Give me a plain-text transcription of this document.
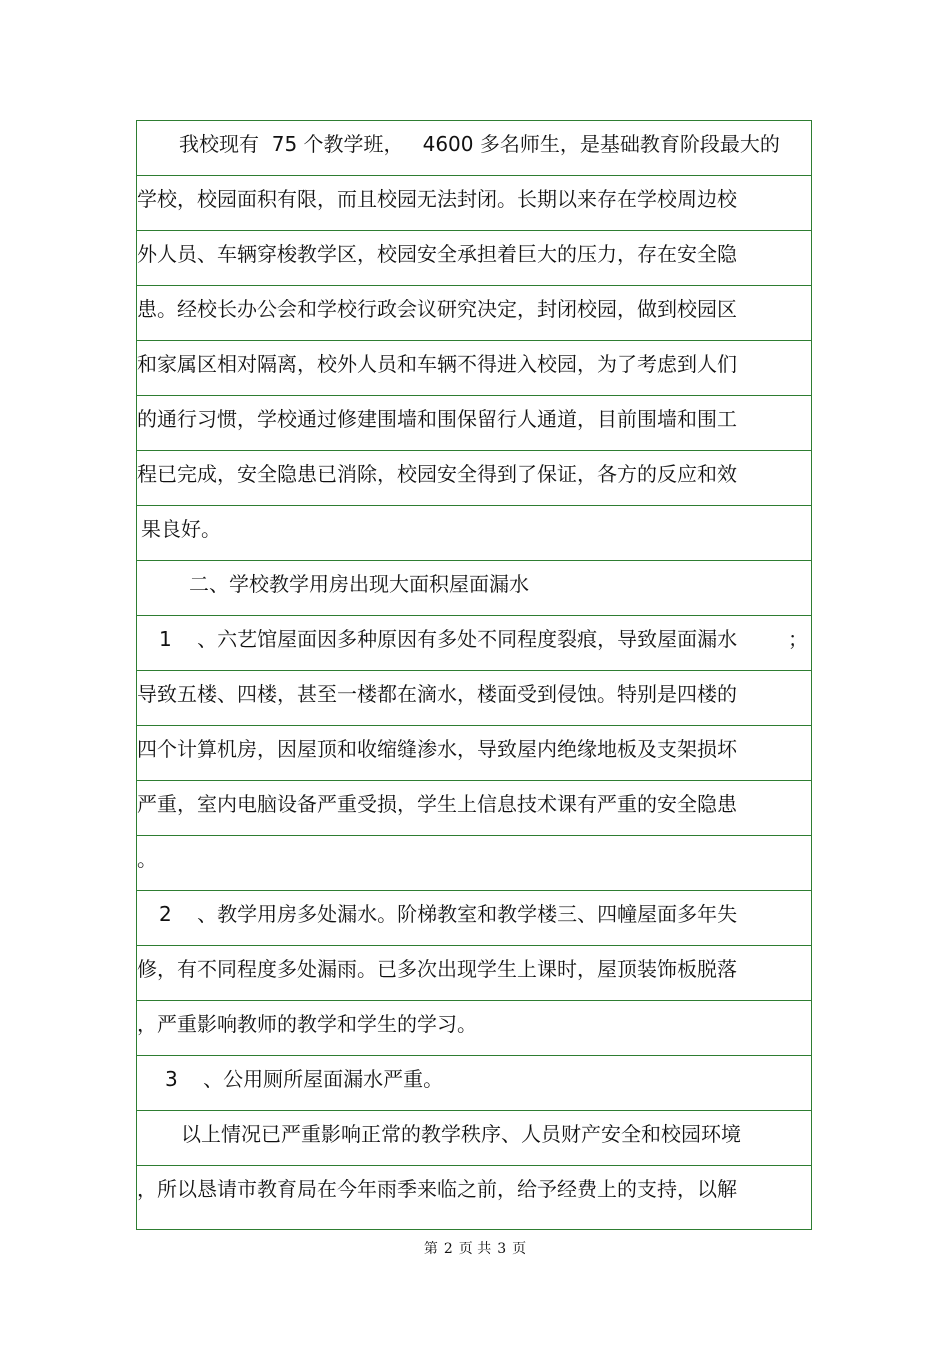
我校现有  75 个教学班，   4600 多名师生，是基础教育阶段最大的
学校，校园面积有限，而且校园无法封闭。长期以来存在学校周边校
外人员、车辆穿梭教学区，校园安全承担着巨大的压力，存在安全隐
患。经校长办公会和学校行政会议研究决定，封闭校园，做到校园区
和家属区相对隔离，校外人员和车辆不得进入校园，为了考虑到人们
的通行习惯，学校通过修建围墙和围保留行人通道，目前围墙和围工
程已完成，安全隐患已消除，校园安全得到了保证，各方的反应和效
果良好。
二、学校教学用房出现大面积屋面漏水
1    、六艺馆屋面因多种原因有多处不同程度裂痕，导致屋面漏水        ；
导致五楼、四楼，甚至一楼都在滴水，楼面受到侵蚀。特别是四楼的
四个计算机房，因屋顶和收缩缝渗水，导致屋内绝缘地板及支架损坏
严重，室内电脑设备严重受损，学生上信息技术课有严重的安全隐患
。
2    、教学用房多处漏水。阶梯教室和教学楼三、四幢屋面多年失
修，有不同程度多处漏雨。已多次出现学生上课时，屋顶装饰板脱落
，严重影响教师的教学和学生的学习。
3    、公用厕所屋面漏水严重。
以上情况已严重影响正常的教学秩序、人员财产安全和校园环境
，所以恳请市教育局在今年雨季来临之前，给予经费上的支持，以解
第 2 页 共 3 页
